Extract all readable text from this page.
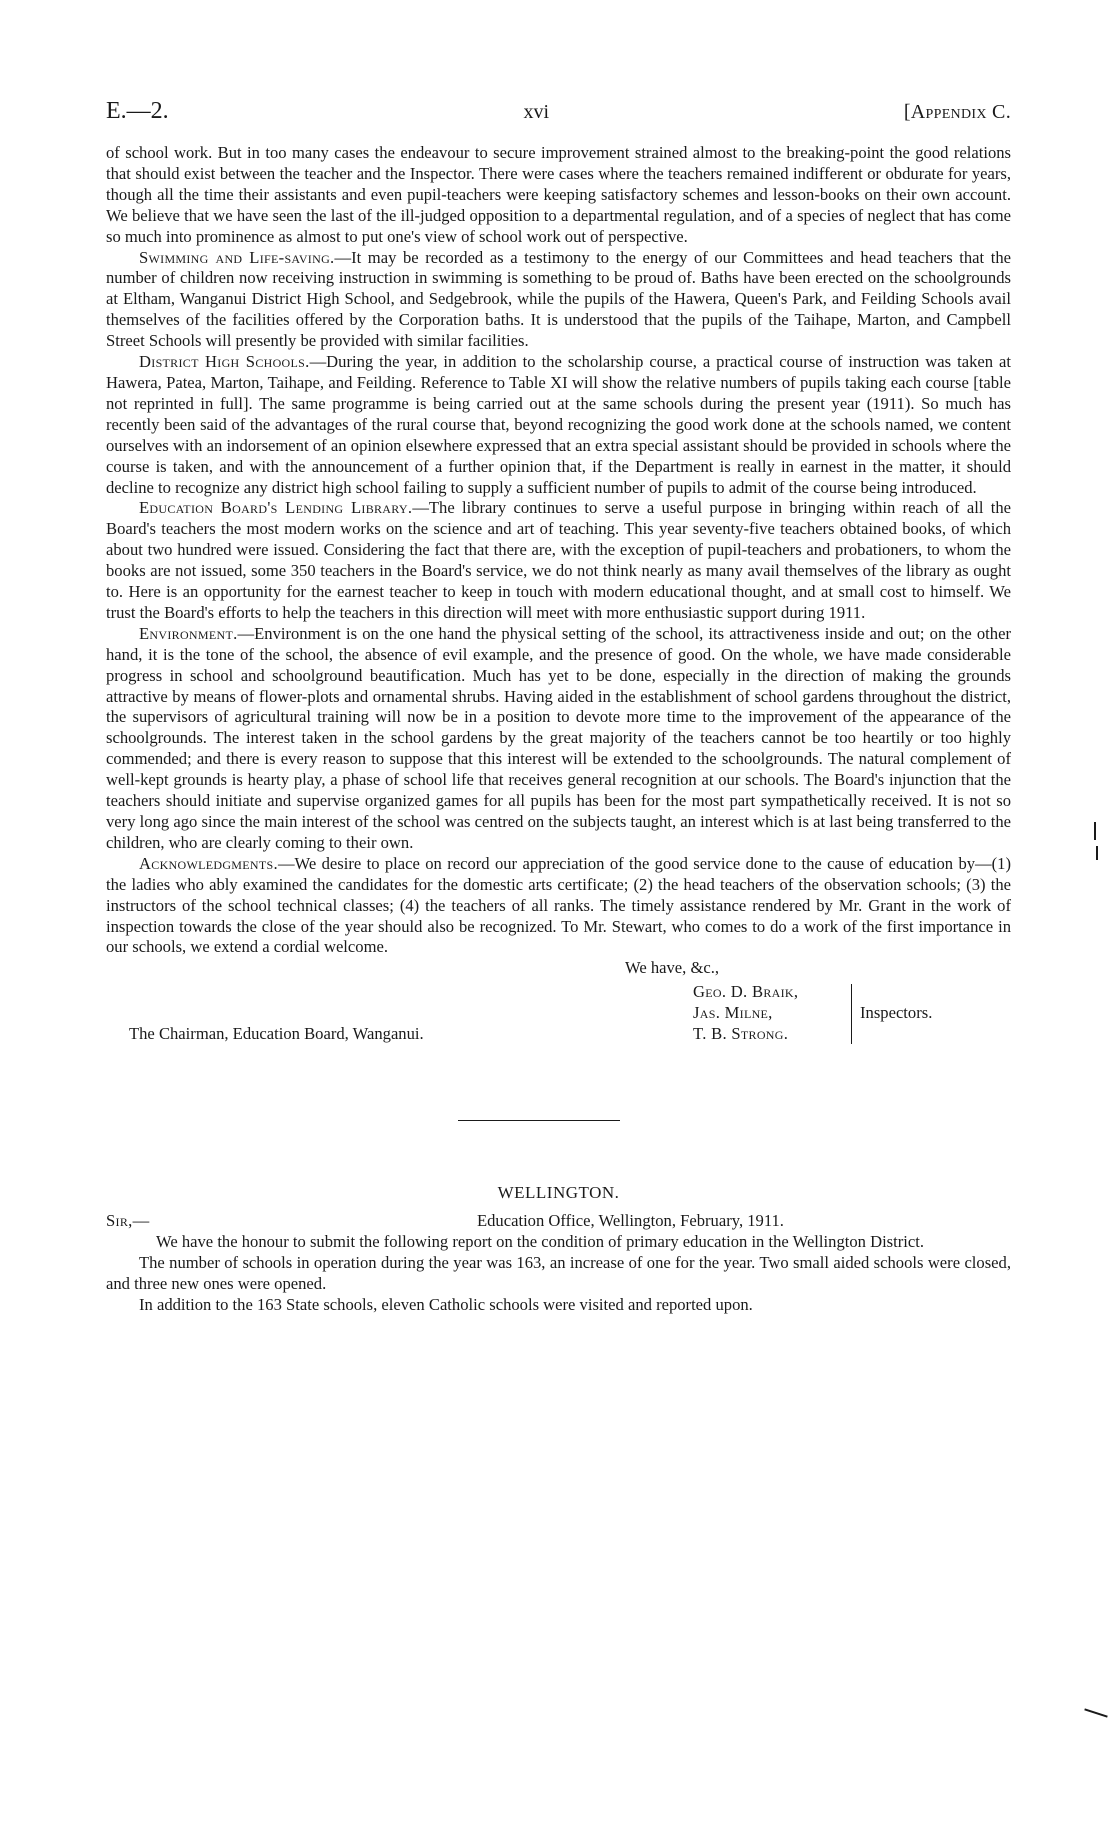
E.—2.	xvi	[Appendix C.

of school work. But in too many cases the endeavour to secure improvement strained almost to the breaking-point the good relations that should exist between the teacher and the Inspector. There were cases where the teachers remained indifferent or obdurate for years, though all the time their assistants and even pupil-teachers were keeping satisfactory schemes and lesson-books on their own account. We believe that we have seen the last of the ill-judged opposition to a departmental regulation, and of a species of neglect that has come so much into prominence as almost to put one's view of school work out of perspective.

Swimming and Life-saving.—It may be recorded as a testimony to the energy of our Committees and head teachers that the number of children now receiving instruction in swimming is something to be proud of. Baths have been erected on the schoolgrounds at Eltham, Wanganui District High School, and Sedgebrook, while the pupils of the Hawera, Queen's Park, and Feilding Schools avail themselves of the facilities offered by the Corporation baths. It is understood that the pupils of the Taihape, Marton, and Campbell Street Schools will presently be provided with similar facilities.

District High Schools.—During the year, in addition to the scholarship course, a practical course of instruction was taken at Hawera, Patea, Marton, Taihape, and Feilding. Reference to Table XI will show the relative numbers of pupils taking each course [table not reprinted in full]. The same programme is being carried out at the same schools during the present year (1911). So much has recently been said of the advantages of the rural course that, beyond recognizing the good work done at the schools named, we content ourselves with an indorsement of an opinion elsewhere expressed that an extra special assistant should be provided in schools where the course is taken, and with the announcement of a further opinion that, if the Department is really in earnest in the matter, it should decline to recognize any district high school failing to supply a sufficient number of pupils to admit of the course being introduced.

Education Board's Lending Library.—The library continues to serve a useful purpose in bringing within reach of all the Board's teachers the most modern works on the science and art of teaching. This year seventy-five teachers obtained books, of which about two hundred were issued. Considering the fact that there are, with the exception of pupil-teachers and probationers, to whom the books are not issued, some 350 teachers in the Board's service, we do not think nearly as many avail themselves of the library as ought to. Here is an opportunity for the earnest teacher to keep in touch with modern educational thought, and at small cost to himself. We trust the Board's efforts to help the teachers in this direction will meet with more enthusiastic support during 1911.

Environment.—Environment is on the one hand the physical setting of the school, its attractiveness inside and out; on the other hand, it is the tone of the school, the absence of evil example, and the presence of good. On the whole, we have made considerable progress in school and schoolground beautification. Much has yet to be done, especially in the direction of making the grounds attractive by means of flower-plots and ornamental shrubs. Having aided in the establishment of school gardens throughout the district, the supervisors of agricultural training will now be in a position to devote more time to the improvement of the appearance of the schoolgrounds. The interest taken in the school gardens by the great majority of the teachers cannot be too heartily or too highly commended; and there is every reason to suppose that this interest will be extended to the schoolgrounds. The natural complement of well-kept grounds is hearty play, a phase of school life that receives general recognition at our schools. The Board's injunction that the teachers should initiate and supervise organized games for all pupils has been for the most part sympathetically received. It is not so very long ago since the main interest of the school was centred on the subjects taught, an interest which is at last being transferred to the children, who are clearly coming to their own.

Acknowledgments.—We desire to place on record our appreciation of the good service done to the cause of education by—(1) the ladies who ably examined the candidates for the domestic arts certificate; (2) the head teachers of the observation schools; (3) the instructors of the school technical classes; (4) the teachers of all ranks. The timely assistance rendered by Mr. Grant in the work of inspection towards the close of the year should also be recognized. To Mr. Stewart, who comes to do a work of the first importance in our schools, we extend a cordial welcome.

We have, &c.,
Geo. D. Braik,
Jas. Milne,
T. B. Strong.
Inspectors.
The Chairman, Education Board, Wanganui.
WELLINGTON.
Sir,—	Education Office, Wellington, February, 1911.

We have the honour to submit the following report on the condition of primary education in the Wellington District.

The number of schools in operation during the year was 163, an increase of one for the year. Two small aided schools were closed, and three new ones were opened.

In addition to the 163 State schools, eleven Catholic schools were visited and reported upon.
